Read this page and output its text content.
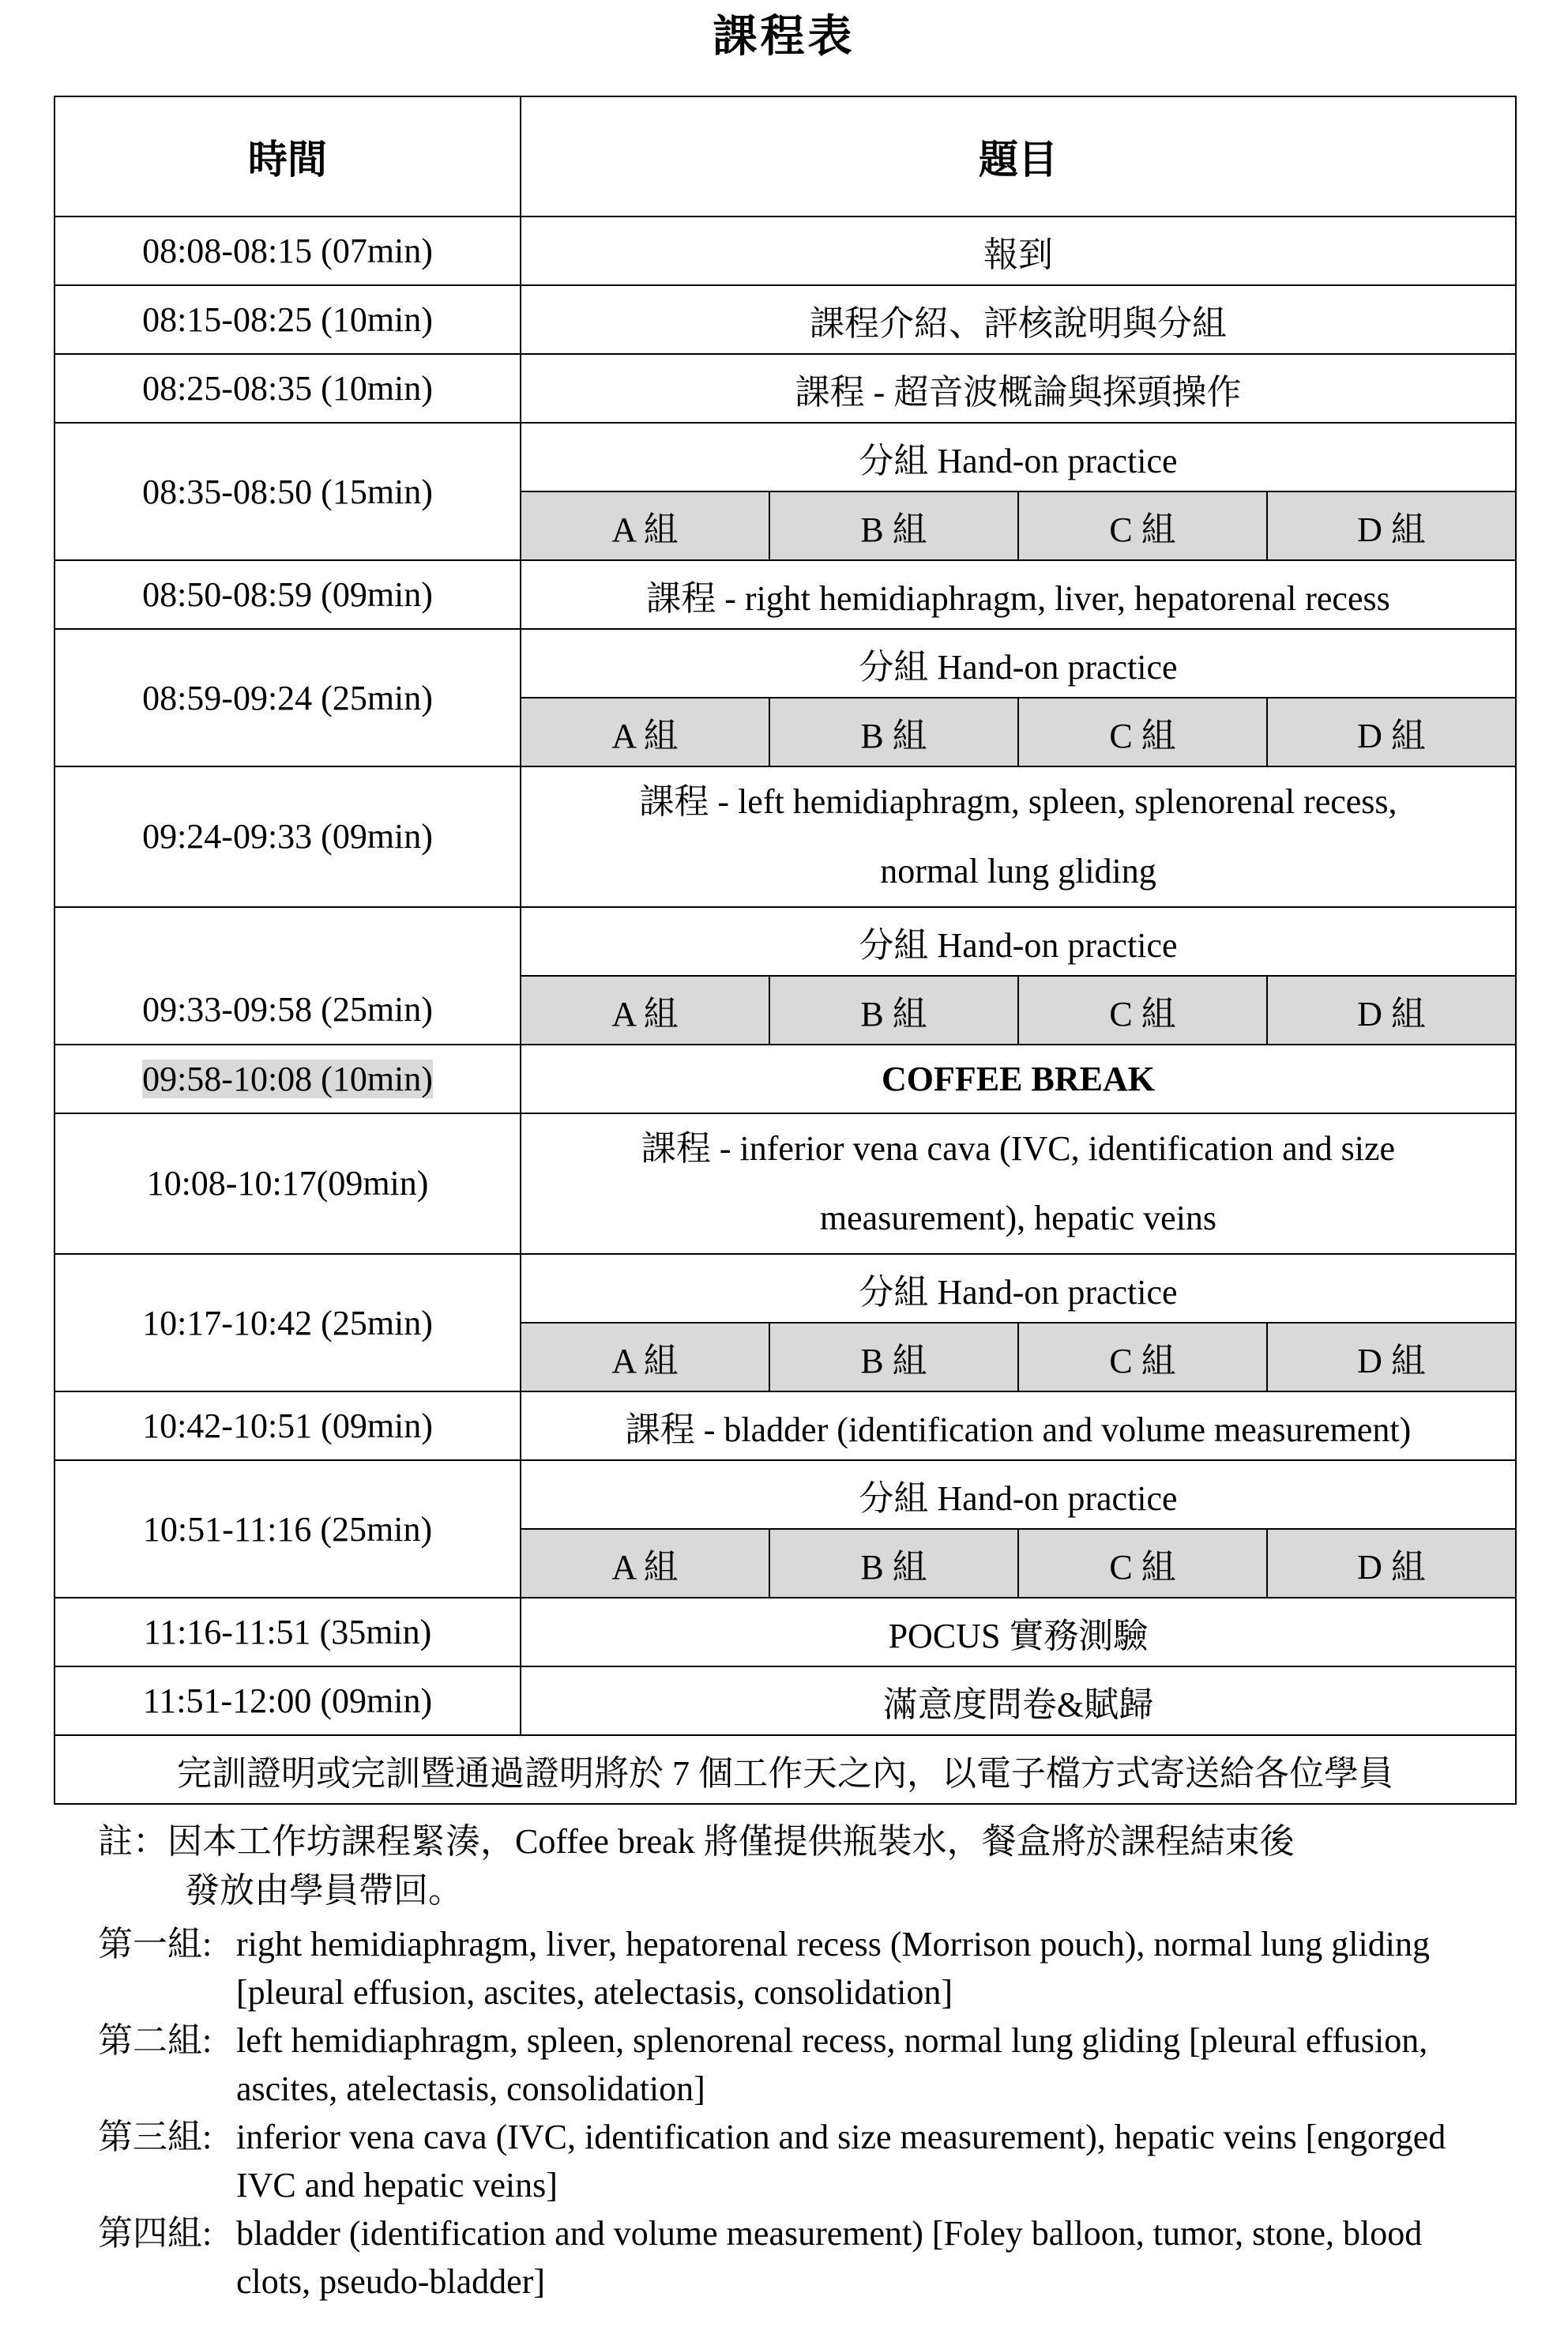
課程表
時間	題目			
08:08-08:15 (07min)	報到			
08:15-08:25 (10min)	課程介紹、評核說明與分組			
08:25-08:35 (10min)	課程 - 超音波概論與探頭操作			
08:35-08:50 (15min)	分組 Hand-on practice			
	A 組	B 組	C 組	D 組
08:50-08:59 (09min)	課程 - right hemidiaphragm, liver, hepatorenal recess			
08:59-09:24 (25min)	分組 Hand-on practice			
	A 組	B 組	C 組	D 組
09:24-09:33 (09min)	課程 - left hemidiaphragm, spleen, splenorenal recess,
normal lung gliding			
09:33-09:58 (25min)	分組 Hand-on practice			
	A 組	B 組	C 組	D 組
09:58-10:08 (10min)	COFFEE BREAK			
10:08-10:17(09min)	課程 - inferior vena cava (IVC, identification and size
measurement), hepatic veins			
10:17-10:42 (25min)	分組 Hand-on practice			
	A 組	B 組	C 組	D 組
10:42-10:51 (09min)	課程 - bladder (identification and volume measurement)			
10:51-11:16 (25min)	分組 Hand-on practice			
	A 組	B 組	C 組	D 組
11:16-11:51 (35min)	POCUS 實務測驗			
11:51-12:00 (09min)	滿意度問卷&賦歸			
完訓證明或完訓暨通過證明將於 7 個工作天之內，以電子檔方式寄送給各位學員				
註：因本工作坊課程緊湊，Coffee break 將僅提供瓶裝水，餐盒將於課程結束後
發放由學員帶回。
第一組: right hemidiaphragm, liver, hepatorenal recess (Morrison pouch), normal lung gliding [pleural effusion, ascites, atelectasis, consolidation]
第二組: left hemidiaphragm, spleen, splenorenal recess, normal lung gliding [pleural effusion, ascites, atelectasis, consolidation]
第三組: inferior vena cava (IVC, identification and size measurement), hepatic veins [engorged IVC and hepatic veins]
第四組: bladder (identification and volume measurement) [Foley balloon, tumor, stone, blood clots, pseudo-bladder]
